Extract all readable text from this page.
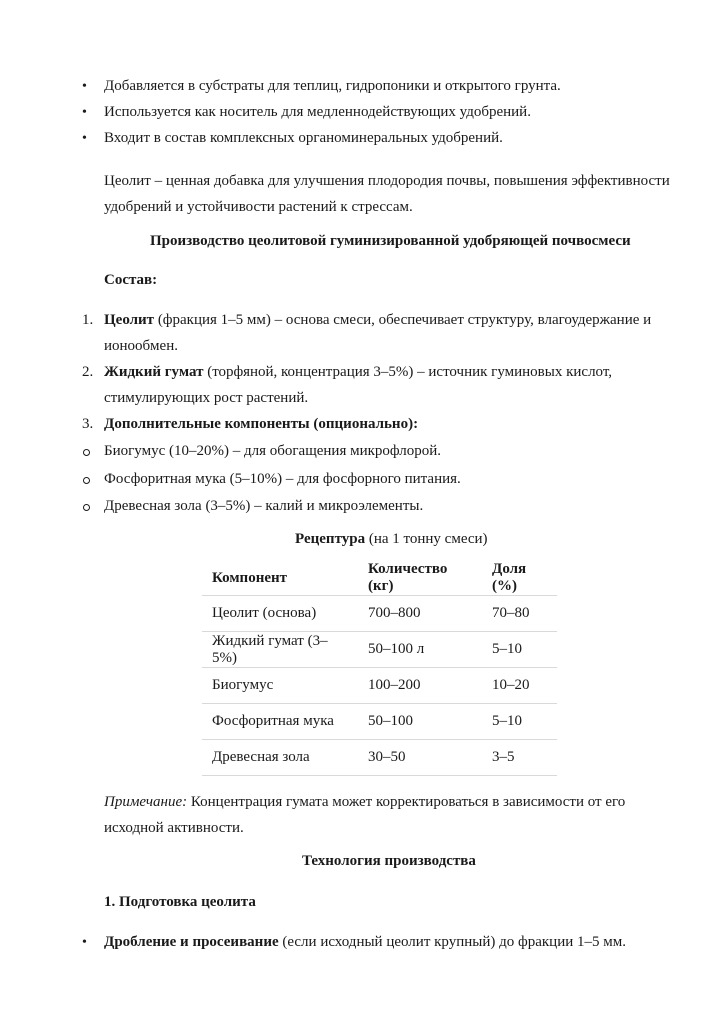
• Добавляется в субстраты для теплиц, гидропоники и открытого грунта.
• Используется как носитель для медленнодействующих удобрений.
• Входит в состав комплексных органоминеральных удобрений.
Цеолит – ценная добавка для улучшения плодородия почвы, повышения эффективности
удобрений и устойчивости растений к стрессам.
Производство цеолитовой гуминизированной удобряющей почвосмеси
Состав:
1. Цеолит (фракция 1–5 мм) – основа смеси, обеспечивает структуру, влагоудержание и
ионообмен.
2. Жидкий гумат (торфяной, концентрация 3–5%) – источник гуминовых кислот,
стимулирующих рост растений.
3. Дополнительные компоненты (опционально):
Биогумус (10–20%) – для обогащения микрофлорой.
Фосфоритная мука (5–10%) – для фосфорного питания.
Древесная зола (3–5%) – калий и микроэлементы.
Рецептура (на 1 тонну смеси)
Компонент	Количество (кг)	Доля (%)
Цеолит (основа)	700–800	70–80
Жидкий гумат (3–5%)	50–100 л	5–10
Биогумус	100–200	10–20
Фосфоритная мука	50–100	5–10
Древесная зола	30–50	3–5
Примечание: Концентрация гумата может корректироваться в зависимости от его
исходной активности.
Технология производства
1. Подготовка цеолита
• Дробление и просеивание (если исходный цеолит крупный) до фракции 1–5 мм.
